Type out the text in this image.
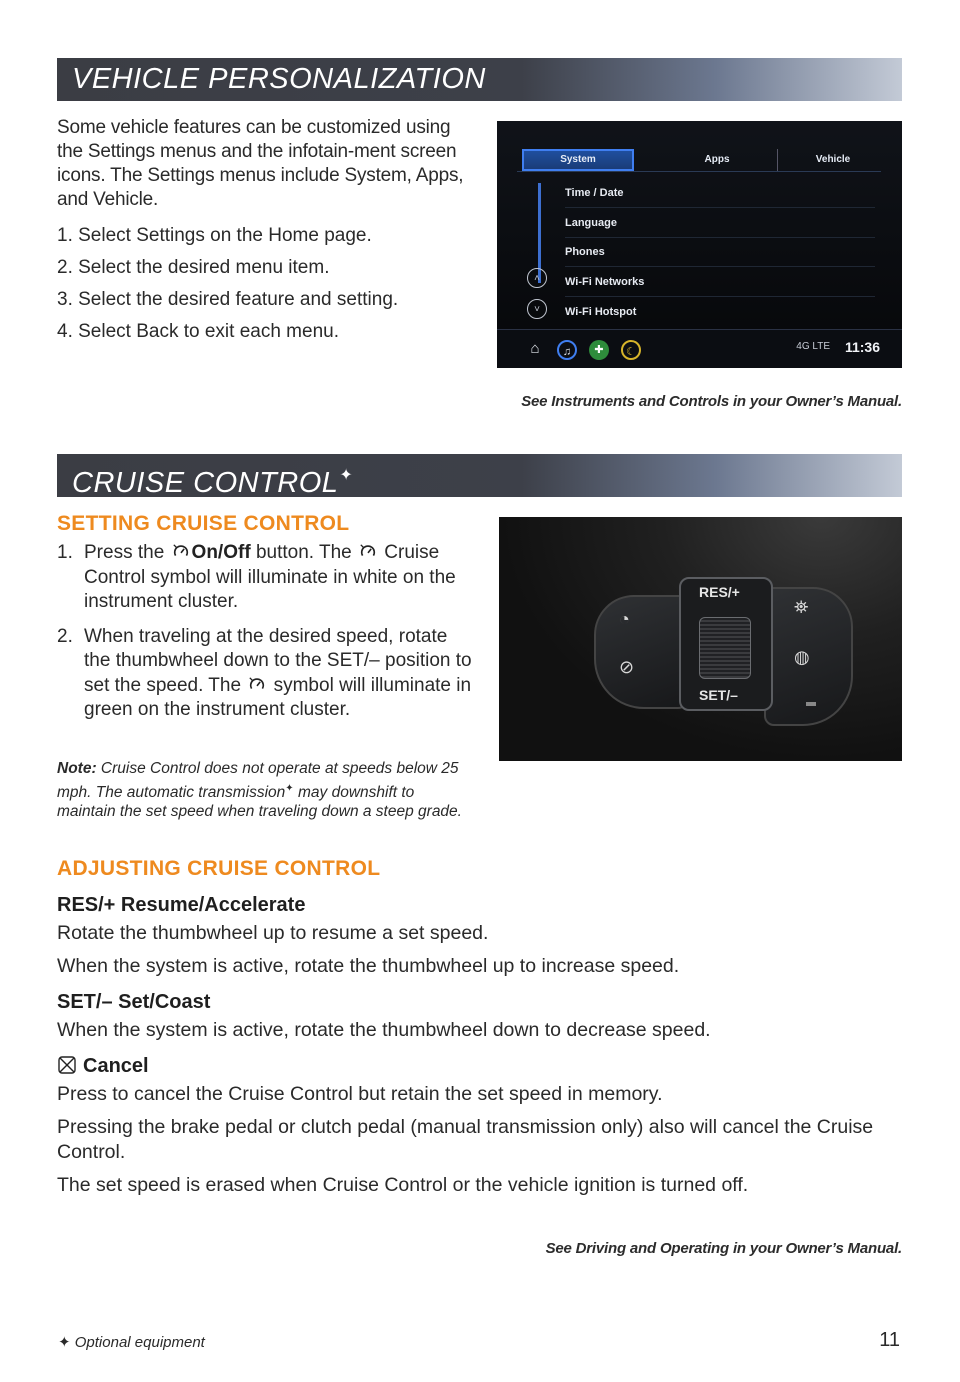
VEHICLE PERSONALIZATION

Some vehicle features can be customized using the Settings menus and the infotain-ment screen icons. The Settings menus include System, Apps, and Vehicle.

1. Select Settings on the Home page.
2. Select the desired menu item.
3. Select the desired feature and setting.
4. Select Back to exit each menu.
System	Apps	Vehicle
Time / Date
Language
Phones
˄	Wi-Fi Networks
˅	Wi-Fi Hotspot
⌂	♫	✚	☾	4G LTE 11:36
See Instruments and Controls in your Owner’s Manual.
CRUISE CONTROL✦
SETTING CRUISE CONTROL
1. Press the On/Off button. The Cruise Control symbol will illuminate in white on the instrument cluster.
2. When traveling at the desired speed, rotate the thumbwheel down to the SET/– position to set the speed. The symbol will illuminate in green on the instrument cluster.

Note: Cruise Control does not operate at speeds below 25 mph. The automatic transmission✦ may downshift to maintain the set speed when traveling down a steep grade.

◔
⊘
RES/+
SET/–
⛯
◍
ADJUSTING CRUISE CONTROL

RES/+ Resume/Accelerate

Rotate the thumbwheel up to resume a set speed.

When the system is active, rotate the thumbwheel up to increase speed.

SET/– Set/Coast

When the system is active, rotate the thumbwheel down to decrease speed.

Cancel

Press to cancel the Cruise Control but retain the set speed in memory.

Pressing the brake pedal or clutch pedal (manual transmission only) also will cancel the Cruise Control.

The set speed is erased when Cruise Control or the vehicle ignition is turned off.

See Driving and Operating in your Owner’s Manual.
✦ Optional equipment	11
